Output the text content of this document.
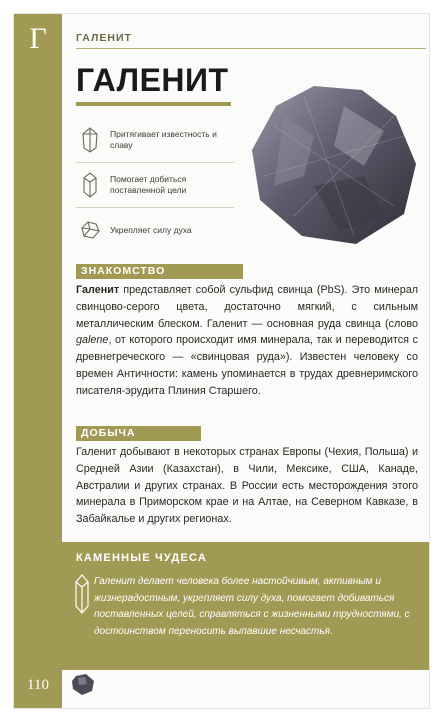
Г
110
ГАЛЕНИТ
ГАЛЕНИТ
Притягивает известность и славу
Помогает добиться поставленной цели
Укрепляет силу духа
ЗНАКОМСТВО
Галенит представляет собой сульфид свинца (PbS). Это минерал свинцово-серого цвета, достаточно мягкий, с сильным металлическим блеском. Галенит — основная руда свинца (слово galene, от которого происходит имя минерала, так и переводится с древнегреческого — «свинцовая руда»). Известен человеку со времен Античности: камень упоминается в трудах древнеримского писателя-эрудита Плиния Старшего.
ДОБЫЧА
Галенит добывают в некоторых странах Европы (Чехия, Польша) и Средней Азии (Казахстан), в Чили, Мексике, США, Канаде, Австралии и других странах. В России есть месторождения этого минерала в Приморском крае и на Алтае, на Северном Кавказе, в Забайкалье и других регионах.
КАМЕННЫЕ ЧУДЕСА
Галенит делает человека более настойчивым, активным и жизнерадостным, укрепляет силу духа, помогает добиваться поставленных целей, справляться с жизненными трудностями, с достоинством переносить выпавшие несчастья.
